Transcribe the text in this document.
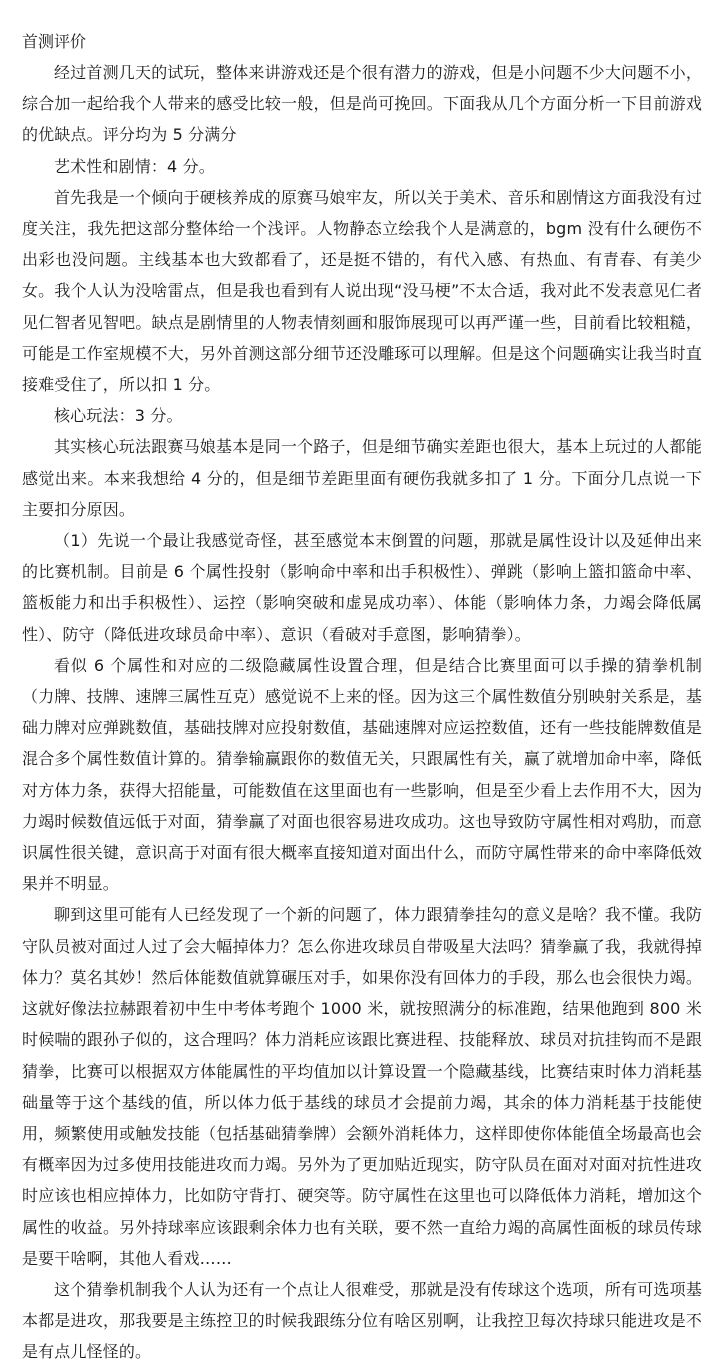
首测评价

经过首测几天的试玩，整体来讲游戏还是个很有潜力的游戏，但是小问题不少大问题不小，综合加一起给我个人带来的感受比较一般，但是尚可挽回。下面我从几个方面分析一下目前游戏的优缺点。评分均为 5 分满分

艺术性和剧情：4 分。

首先我是一个倾向于硬核养成的原赛马娘牢友，所以关于美术、音乐和剧情这方面我没有过度关注，我先把这部分整体给一个浅评。人物静态立绘我个人是满意的，bgm 没有什么硬伤不出彩也没问题。主线基本也大致都看了，还是挺不错的，有代入感、有热血、有青春、有美少女。我个人认为没啥雷点，但是我也看到有人说出现“没马梗”不太合适，我对此不发表意见仁者见仁智者见智吧。缺点是剧情里的人物表情刻画和服饰展现可以再严谨一些，目前看比较粗糙，可能是工作室规模不大，另外首测这部分细节还没雕琢可以理解。但是这个问题确实让我当时直接难受住了，所以扣 1 分。

核心玩法：3 分。

其实核心玩法跟赛马娘基本是同一个路子，但是细节确实差距也很大，基本上玩过的人都能感觉出来。本来我想给 4 分的，但是细节差距里面有硬伤我就多扣了 1 分。下面分几点说一下主要扣分原因。

（1）先说一个最让我感觉奇怪，甚至感觉本末倒置的问题，那就是属性设计以及延伸出来的比赛机制。目前是 6 个属性投射（影响命中率和出手积极性）、弹跳（影响上篮扣篮命中率、篮板能力和出手积极性）、运控（影响突破和虚晃成功率）、体能（影响体力条，力竭会降低属性）、防守（降低进攻球员命中率）、意识（看破对手意图，影响猜拳）。

看似 6 个属性和对应的二级隐藏属性设置合理，但是结合比赛里面可以手操的猜拳机制（力牌、技牌、速牌三属性互克）感觉说不上来的怪。因为这三个属性数值分别映射关系是，基础力牌对应弹跳数值，基础技牌对应投射数值，基础速牌对应运控数值，还有一些技能牌数值是混合多个属性数值计算的。猜拳输赢跟你的数值无关，只跟属性有关，赢了就增加命中率，降低对方体力条，获得大招能量，可能数值在这里面也有一些影响，但是至少看上去作用不大，因为力竭时候数值远低于对面，猜拳赢了对面也很容易进攻成功。这也导致防守属性相对鸡肋，而意识属性很关键，意识高于对面有很大概率直接知道对面出什么，而防守属性带来的命中率降低效果并不明显。

聊到这里可能有人已经发现了一个新的问题了，体力跟猜拳挂勾的意义是啥？我不懂。我防守队员被对面过人过了会大幅掉体力？怎么你进攻球员自带吸星大法吗？猜拳赢了我，我就得掉体力？莫名其妙！然后体能数值就算碾压对手，如果你没有回体力的手段，那么也会很快力竭。这就好像法拉赫跟着初中生中考体考跑个 1000 米，就按照满分的标准跑，结果他跑到 800 米时候喘的跟孙子似的，这合理吗？体力消耗应该跟比赛进程、技能释放、球员对抗挂钩而不是跟猜拳，比赛可以根据双方体能属性的平均值加以计算设置一个隐藏基线，比赛结束时体力消耗基础量等于这个基线的值，所以体力低于基线的球员才会提前力竭，其余的体力消耗基于技能使用，频繁使用或触发技能（包括基础猜拳牌）会额外消耗体力，这样即使你体能值全场最高也会有概率因为过多使用技能进攻而力竭。另外为了更加贴近现实，防守队员在面对对面对抗性进攻时应该也相应掉体力，比如防守背打、硬突等。防守属性在这里也可以降低体力消耗，增加这个属性的收益。另外持球率应该跟剩余体力也有关联，要不然一直给力竭的高属性面板的球员传球是要干啥啊，其他人看戏……

这个猜拳机制我个人认为还有一个点让人很难受，那就是没有传球这个选项，所有可选项基本都是进攻，那我要是主练控卫的时候我跟练分位有啥区别啊，让我控卫每次持球只能进攻是不是有点儿怪怪的。
